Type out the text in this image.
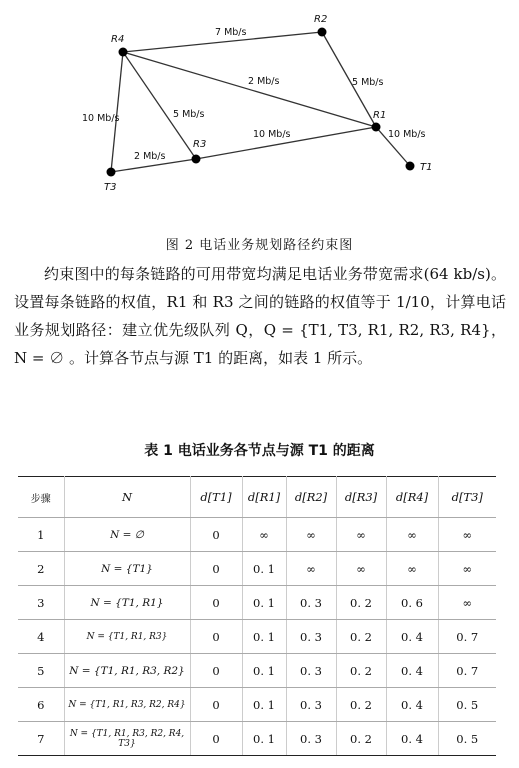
R4
R2
R1
R3
T3
T1
7 Mb/s
2 Mb/s	5 Mb/s
5 Mb/s
10 Mb/s
10 Mb/s
2 Mb/s
10 Mb/s
图 2 电话业务规划路径约束图

约束图中的每条链路的可用带宽均满足电话业务带宽需求(64 kb/s)。设置每条链路的权值，R1 和 R3 之间的链路的权值等于 1/10，计算电话业务规划路径：建立优先级队列 Q，Q = {T1, T3, R1, R2, R3, R4}，N = ∅ 。计算各节点与源 T1 的距离，如表 1 所示。

表 1 电话业务各节点与源 T1 的距离
步骤	N	d[T1]	d[R1]	d[R2]	d[R3]	d[R4]	d[T3]
1	N = ∅	0	∞	∞	∞	∞	∞
2	N = {T1}	0	0. 1	∞	∞	∞	∞
3	N = {T1, R1}	0	0. 1	0. 3	0. 2	0. 6	∞
4	N = {T1, R1, R3}	0	0. 1	0. 3	0. 2	0. 4	0. 7
5	N = {T1, R1, R3, R2}	0	0. 1	0. 3	0. 2	0. 4	0. 7
6	N = {T1, R1, R3, R2, R4}	0	0. 1	0. 3	0. 2	0. 4	0. 5
7	N = {T1, R1, R3, R2, R4, T3}	0	0. 1	0. 3	0. 2	0. 4	0. 5
